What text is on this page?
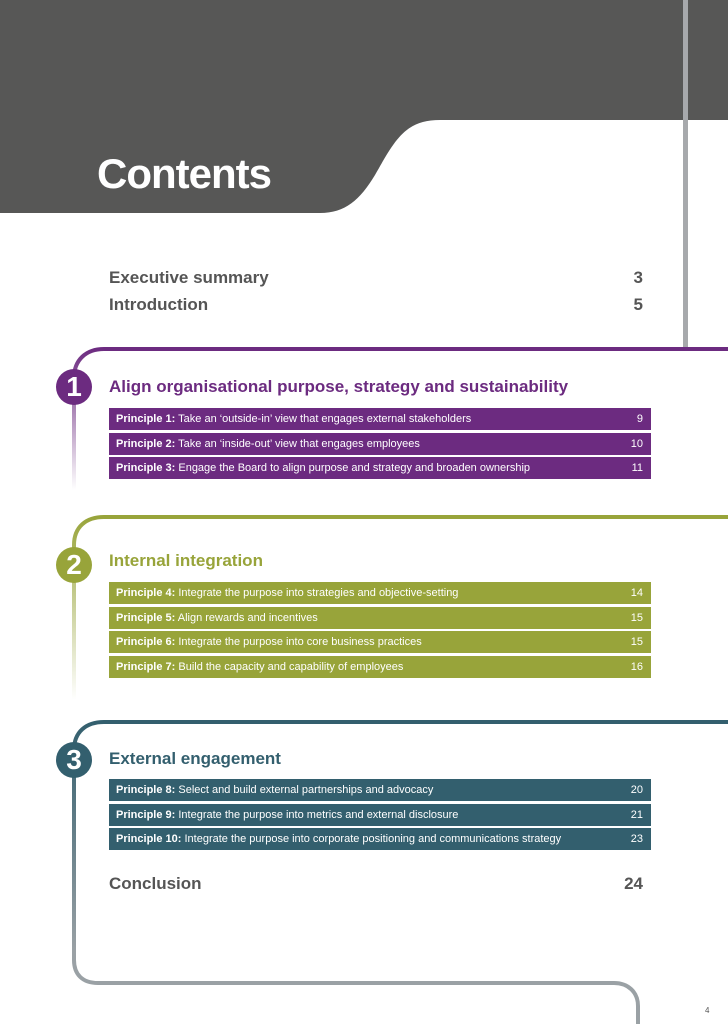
Contents
Executive summary	3
Introduction	5
1	Align organisational purpose, strategy and sustainability
Principle 1: Take an ‘outside-in’ view that engages external stakeholders	9
Principle 2: Take an ‘inside-out’ view that engages employees	10
Principle 3: Engage the Board to align purpose and strategy and broaden ownership	11
2	Internal integration
Principle 4: Integrate the purpose into strategies and objective-setting	14
Principle 5: Align rewards and incentives	15
Principle 6: Integrate the purpose into core business practices	15
Principle 7: Build the capacity and capability of employees	16
3	External engagement
Principle 8: Select and build external partnerships and advocacy	20
Principle 9: Integrate the purpose into metrics and external disclosure	21
Principle 10: Integrate the purpose into corporate positioning and communications strategy	23
Conclusion	24
4
